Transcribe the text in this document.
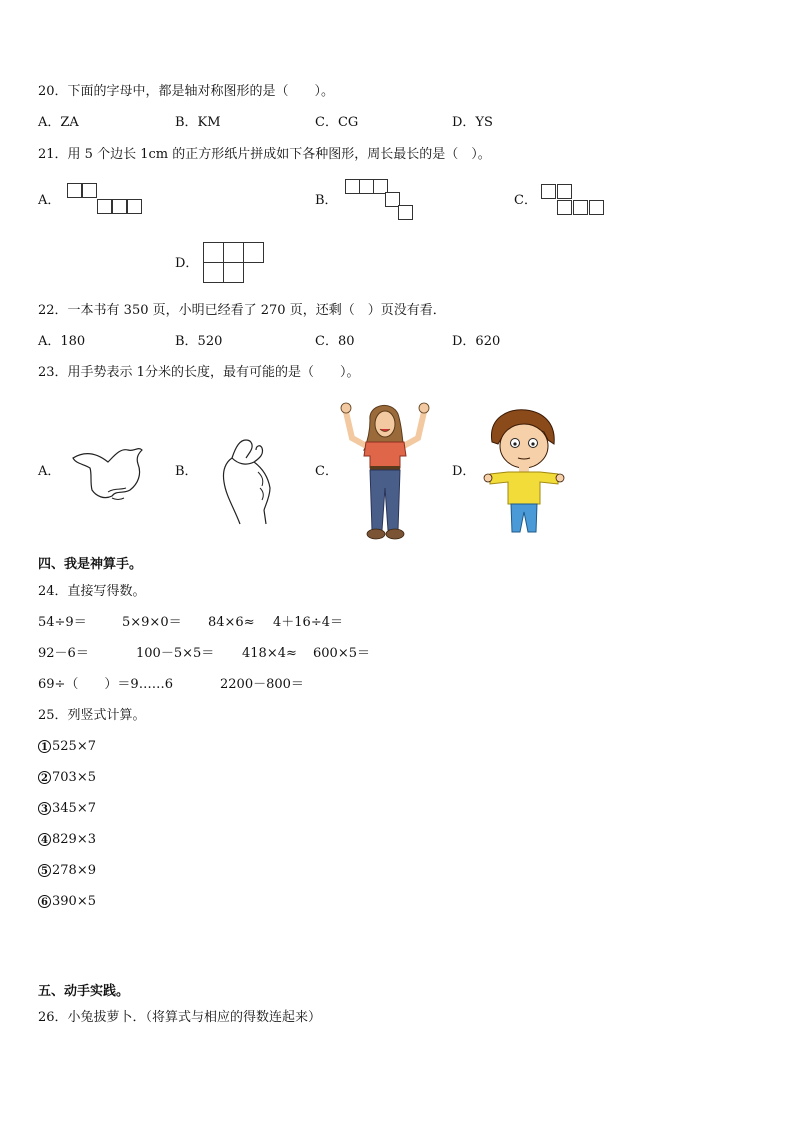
20．下面的字母中，都是轴对称图形的是（　　）。
A．ZA	B．KM	C．CG	D．YS
21．用 5 个边长 1cm 的正方形纸片拼成如下各种图形，周长最长的是（　）。
A．	B．	C．
D．
22．一本书有 350 页，小明已经看了 270 页，还剩（　）页没有看．
A．180	B．520	C．80	D．620
23．用手势表示 1分米的长度，最有可能的是（　　）。
A．	B．	C．	D．
四、我是神算手。
24．直接写得数。
54÷9＝	5×9×0＝ 84×6≈ 4＋16÷4＝
92－6＝	100－5×5＝ 418×4≈ 600×5＝
69÷（　　）＝9……6	2200－800＝
25．列竖式计算。
1 525×7
2 703×5
3 345×7
4 829×3
5 278×9
6 390×5
五、动手实践。
26．小兔拔萝卜．（将算式与相应的得数连起来）
